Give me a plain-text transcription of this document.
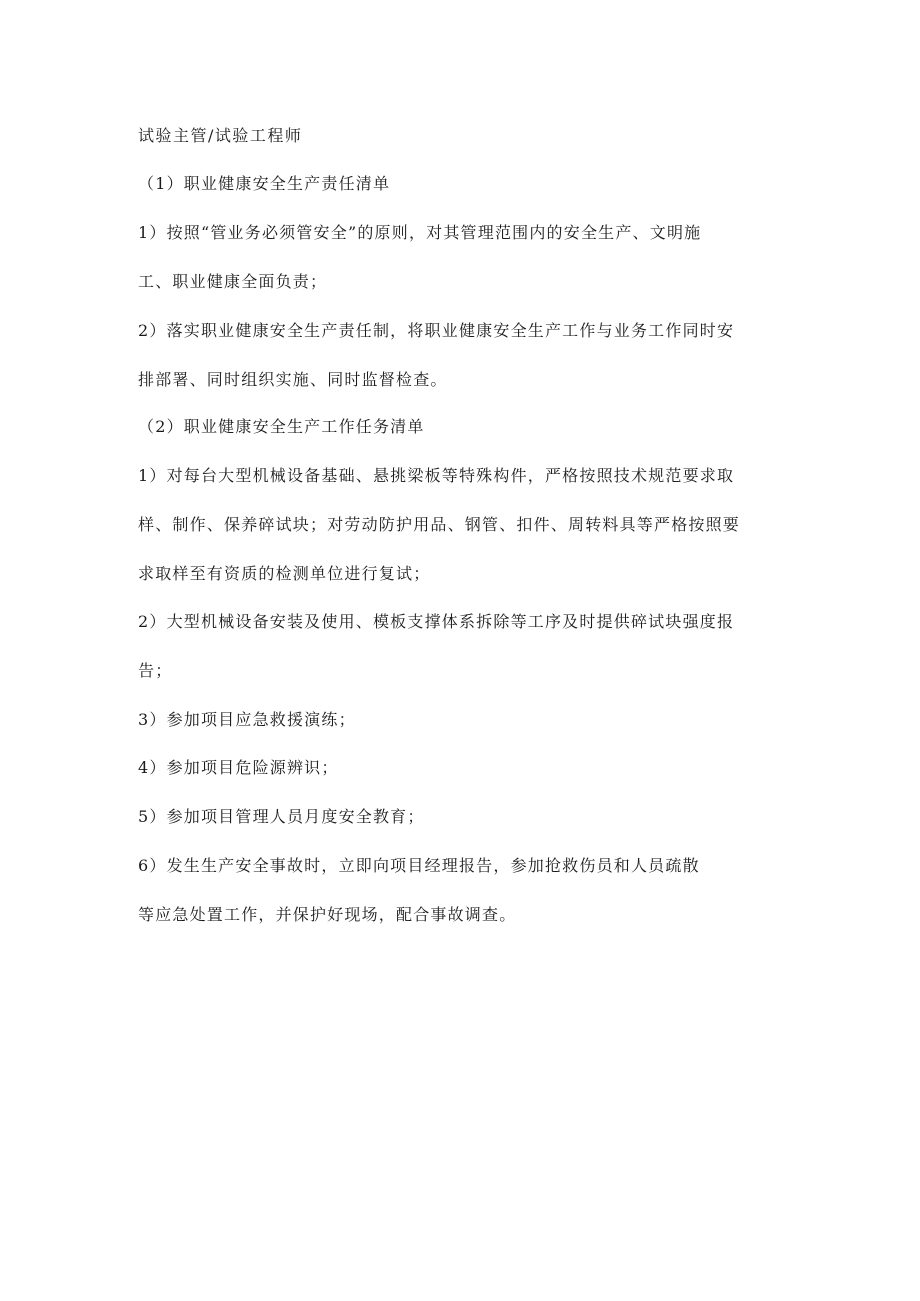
试验主管/试验工程师
（1）职业健康安全生产责任清单
1）按照“管业务必须管安全”的原则，对其管理范围内的安全生产、文明施
工、职业健康全面负责；
2）落实职业健康安全生产责任制，将职业健康安全生产工作与业务工作同时安
排部署、同时组织实施、同时监督检查。
（2）职业健康安全生产工作任务清单
1）对每台大型机械设备基础、悬挑梁板等特殊构件，严格按照技术规范要求取
样、制作、保养碎试块；对劳动防护用品、钢管、扣件、周转料具等严格按照要
求取样至有资质的检测单位进行复试；
2）大型机械设备安装及使用、模板支撑体系拆除等工序及时提供碎试块强度报
告；
3）参加项目应急救援演练；
4）参加项目危险源辨识；
5）参加项目管理人员月度安全教育；
6）发生生产安全事故时，立即向项目经理报告，参加抢救伤员和人员疏散
等应急处置工作，并保护好现场，配合事故调查。
